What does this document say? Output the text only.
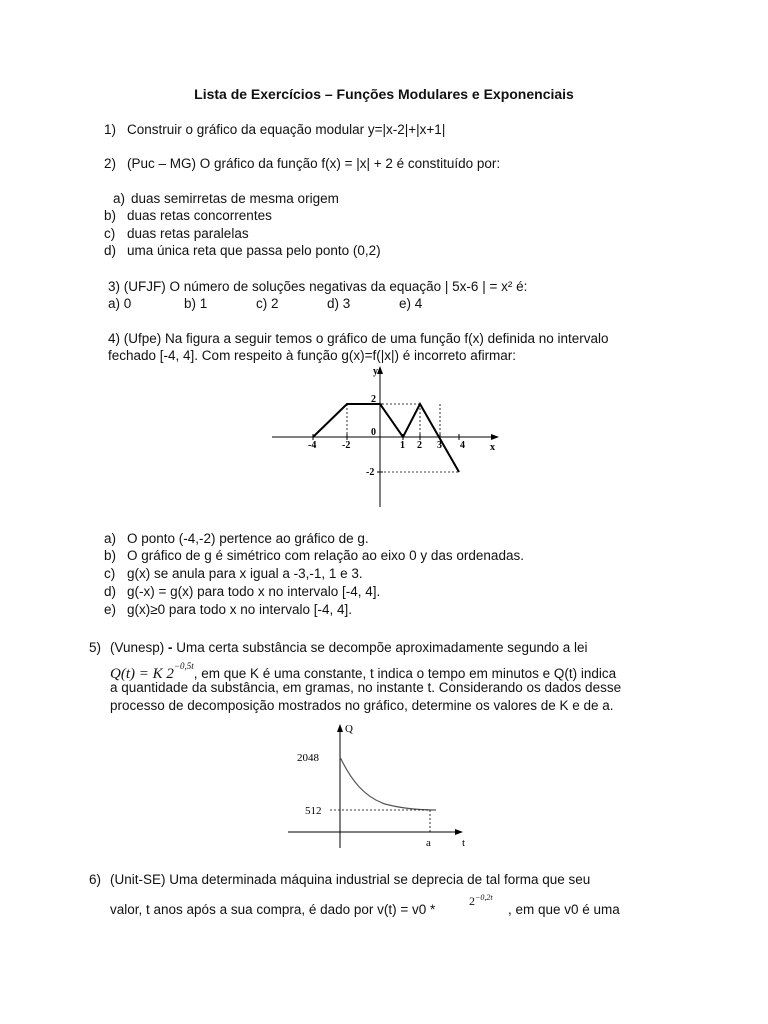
Lista de Exercícios – Funções Modulares e Exponenciais
1) Construir o gráfico da equação modular y=|x-2|+|x+1|
2) (Puc – MG) O gráfico da função f(x) = |x| + 2 é constituído por:
a) duas semirretas de mesma origem
b) duas retas concorrentes
c) duas retas paralelas
d) uma única reta que passa pelo ponto (0,2)
3) (UFJF) O número de soluções negativas da equação | 5x-6 | = x² é:
a) 0	b) 1	c) 2	d) 3	e) 4
4) (Ufpe) Na figura a seguir temos o gráfico de uma função f(x) definida no intervalo
fechado [-4, 4]. Com respeito à função g(x)=f(|x|) é incorreto afirmar:
-4	-2	1 2 3 4	x
y
2
0
-2
a) O ponto (-4,-2) pertence ao gráfico de g.
b) O gráfico de g é simétrico com relação ao eixo 0 y das ordenadas.
c) g(x) se anula para x igual a -3,-1, 1 e 3.
d) g(-x) = g(x) para todo x no intervalo [-4, 4].
e) g(x)≥0 para todo x no intervalo [-4, 4].
5) (Vunesp) - Uma certa substância se decompõe aproximadamente segundo a lei
Q(t) = K $2^{-0,5t}$, em que K é uma constante, t indica o tempo em minutos e Q(t) indica
a quantidade da substância, em gramas, no instante t. Considerando os dados desse
processo de decomposição mostrados no gráfico, determine os valores de K e de a.
Q
2048
512
a	t
6) (Unit-SE) Uma determinada máquina industrial se deprecia de tal forma que seu
valor, t anos após a sua compra, é dado por v(t) = v0 *
$2^{-0,2t}$
, em que v0 é uma
